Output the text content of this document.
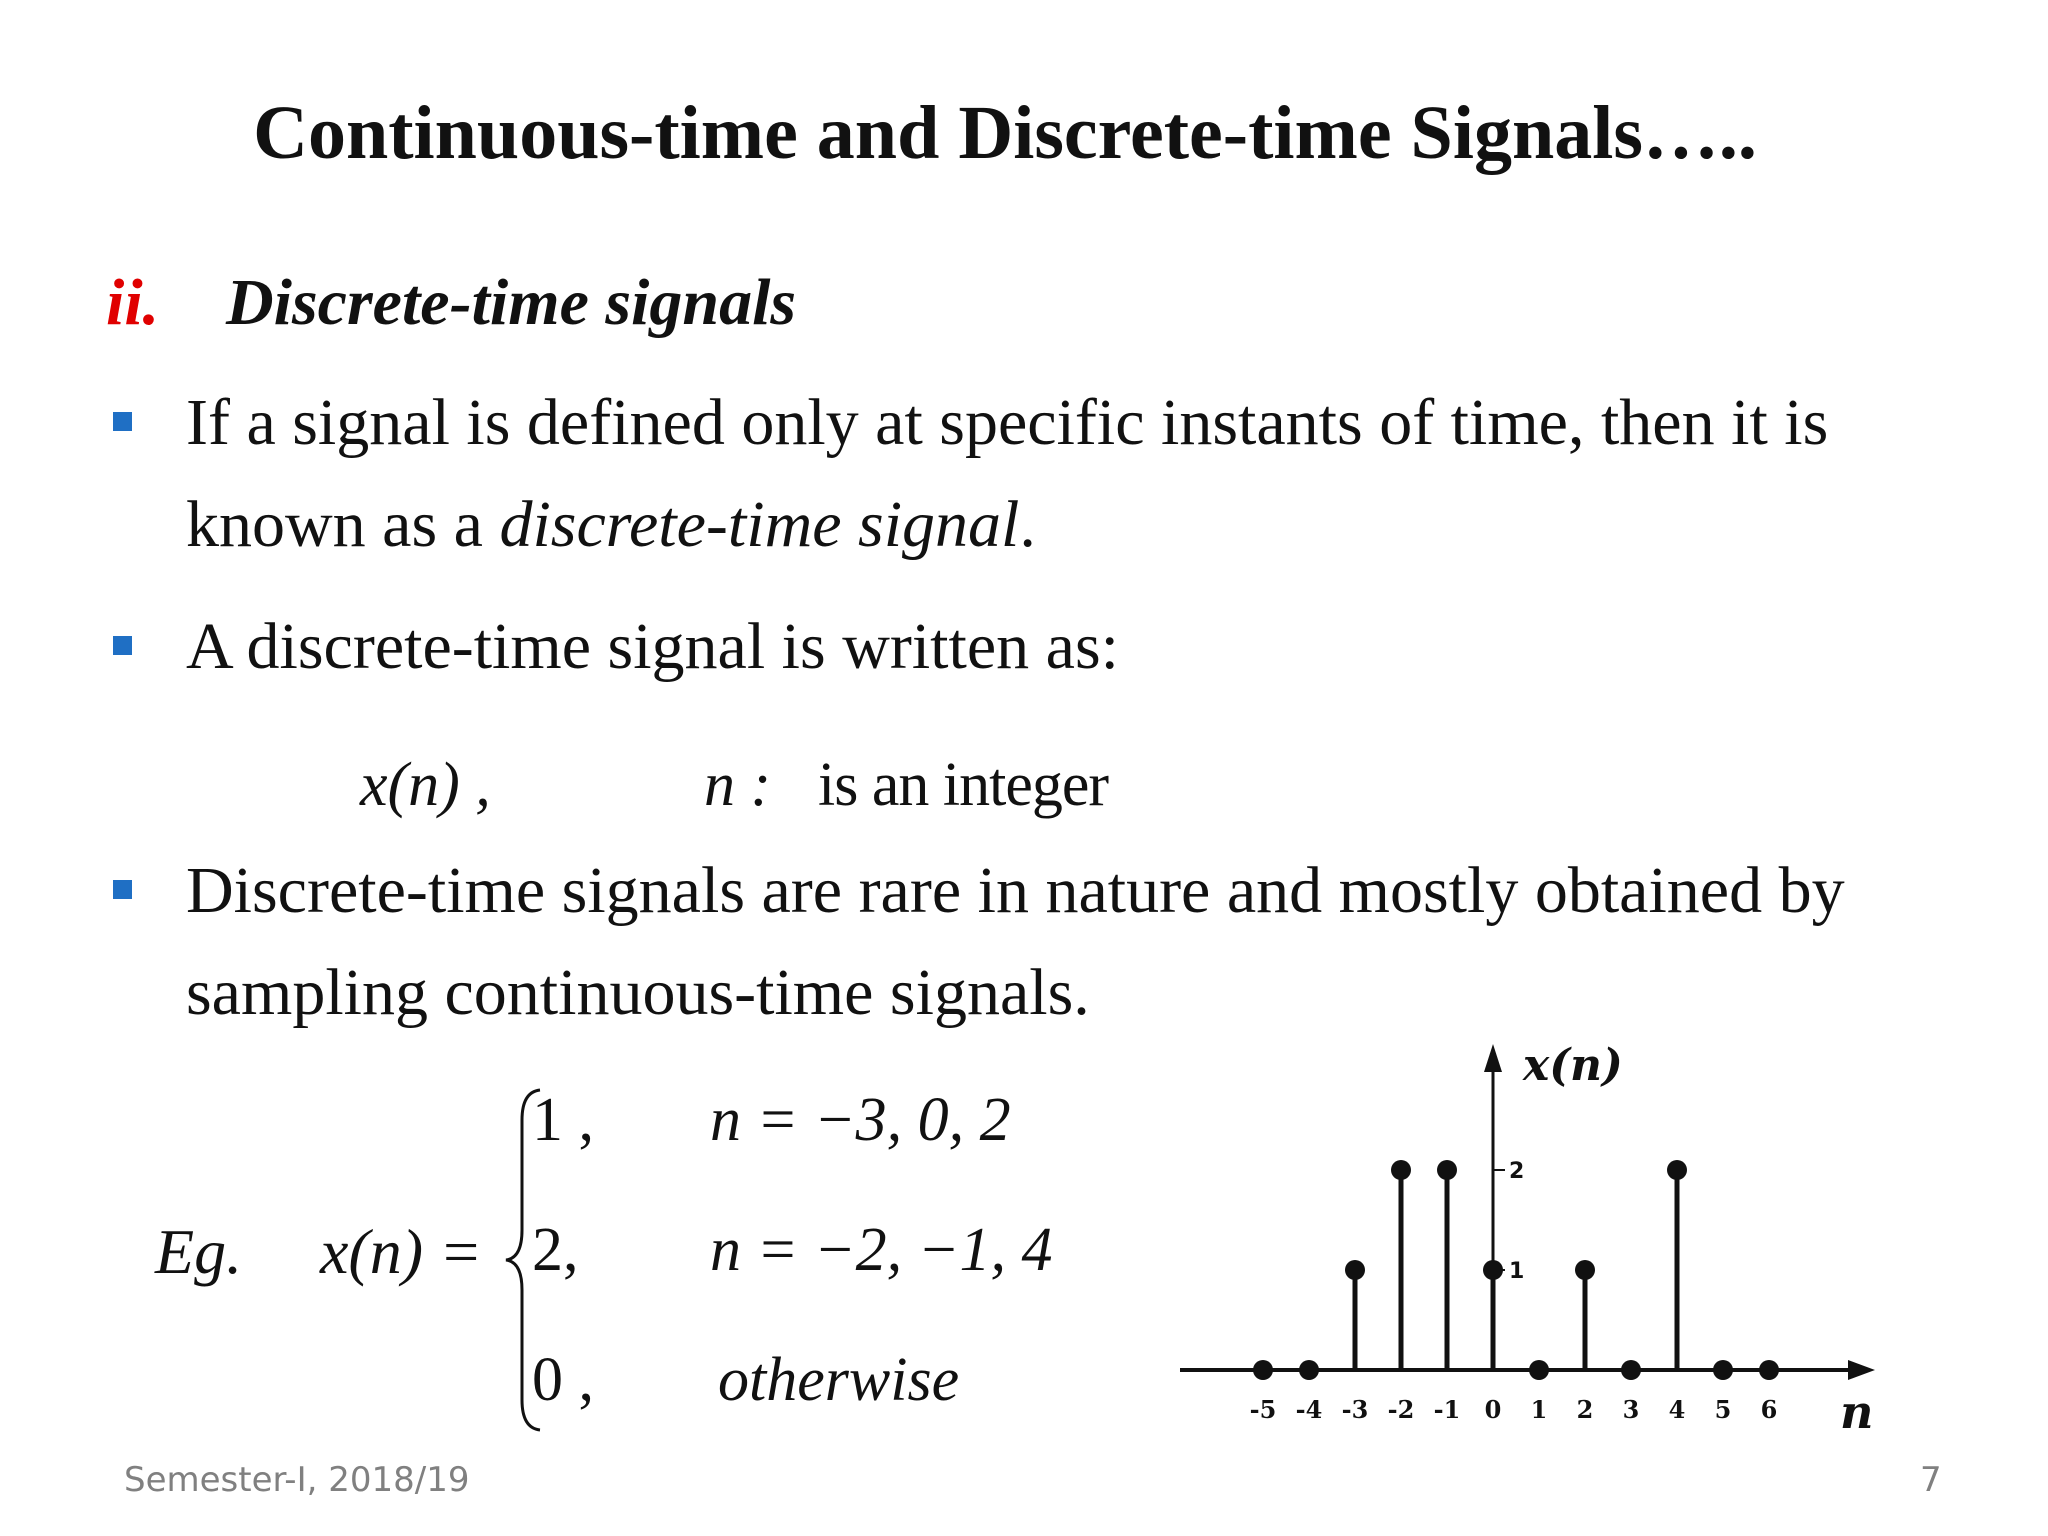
Continuous-time and Discrete-time Signals…..
ii. Discrete-time signals
If a signal is defined only at specific instants of time, then it is
known as a discrete-time signal.
A discrete-time signal is written as:
x(n) ,	n : is an integer
Discrete-time signals are rare in nature and mostly obtained by
sampling continuous-time signals.
Eg. x(n) =
1 , n = −3, 0, 2
2, n = −2, −1, 4
0 , otherwise
1
2
-5 -4 -3 -2 -1 0 1 2 3 4 5 6
x(n)
n
Semester-I, 2018/19	7
